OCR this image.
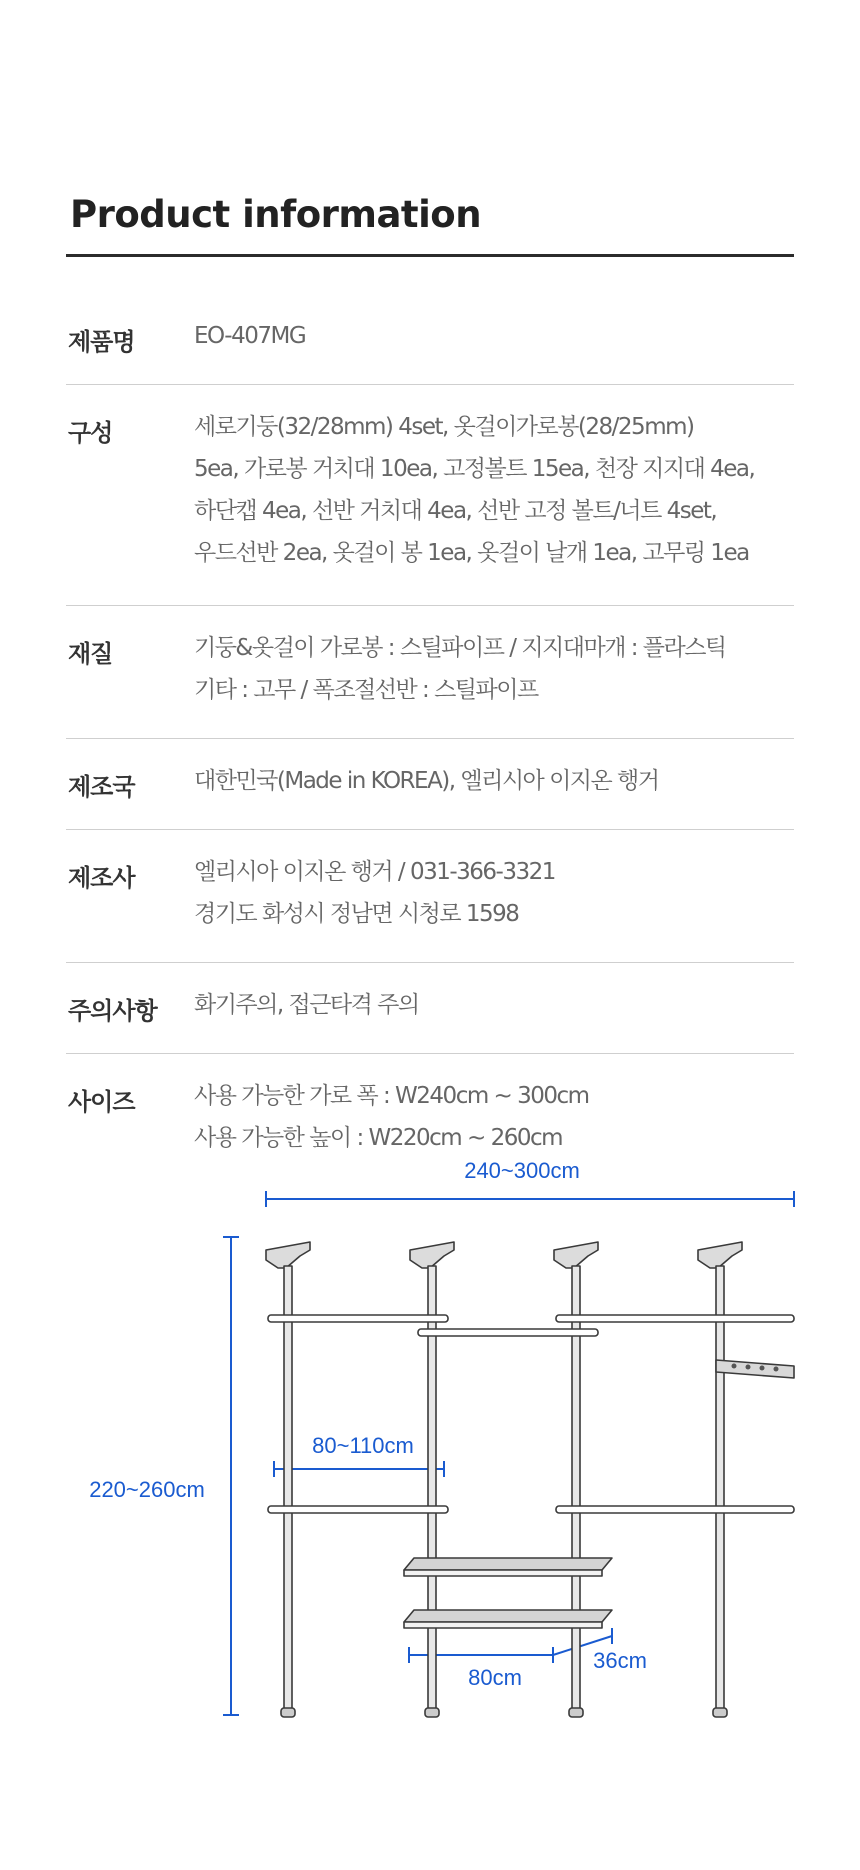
Product information
제품명	EO-407MG
구성	세로기둥(32/28mm) 4set, 옷걸이가로봉(28/25mm)
5ea, 가로봉 거치대 10ea, 고정볼트 15ea, 천장 지지대 4ea,
하단캡 4ea, 선반 거치대 4ea, 선반 고정 볼트/너트 4set,
우드선반 2ea, 옷걸이 봉 1ea, 옷걸이 날개 1ea, 고무링 1ea
재질	기둥&옷걸이 가로봉 : 스틸파이프 / 지지대마개 : 플라스틱
기타 : 고무 / 폭조절선반 : 스틸파이프
제조국	대한민국(Made in KOREA), 엘리시아 이지온 행거
제조사	엘리시아 이지온 행거 / 031-366-3321
경기도 화성시 정남면 시청로 1598
주의사항 화기주의, 접근타격 주의
사이즈	사용 가능한 가로 폭 : W240cm ~ 300cm
사용 가능한 높이 : W220cm ~ 260cm
240~300cm
220~260cm
80~110cm
80cm
36cm
